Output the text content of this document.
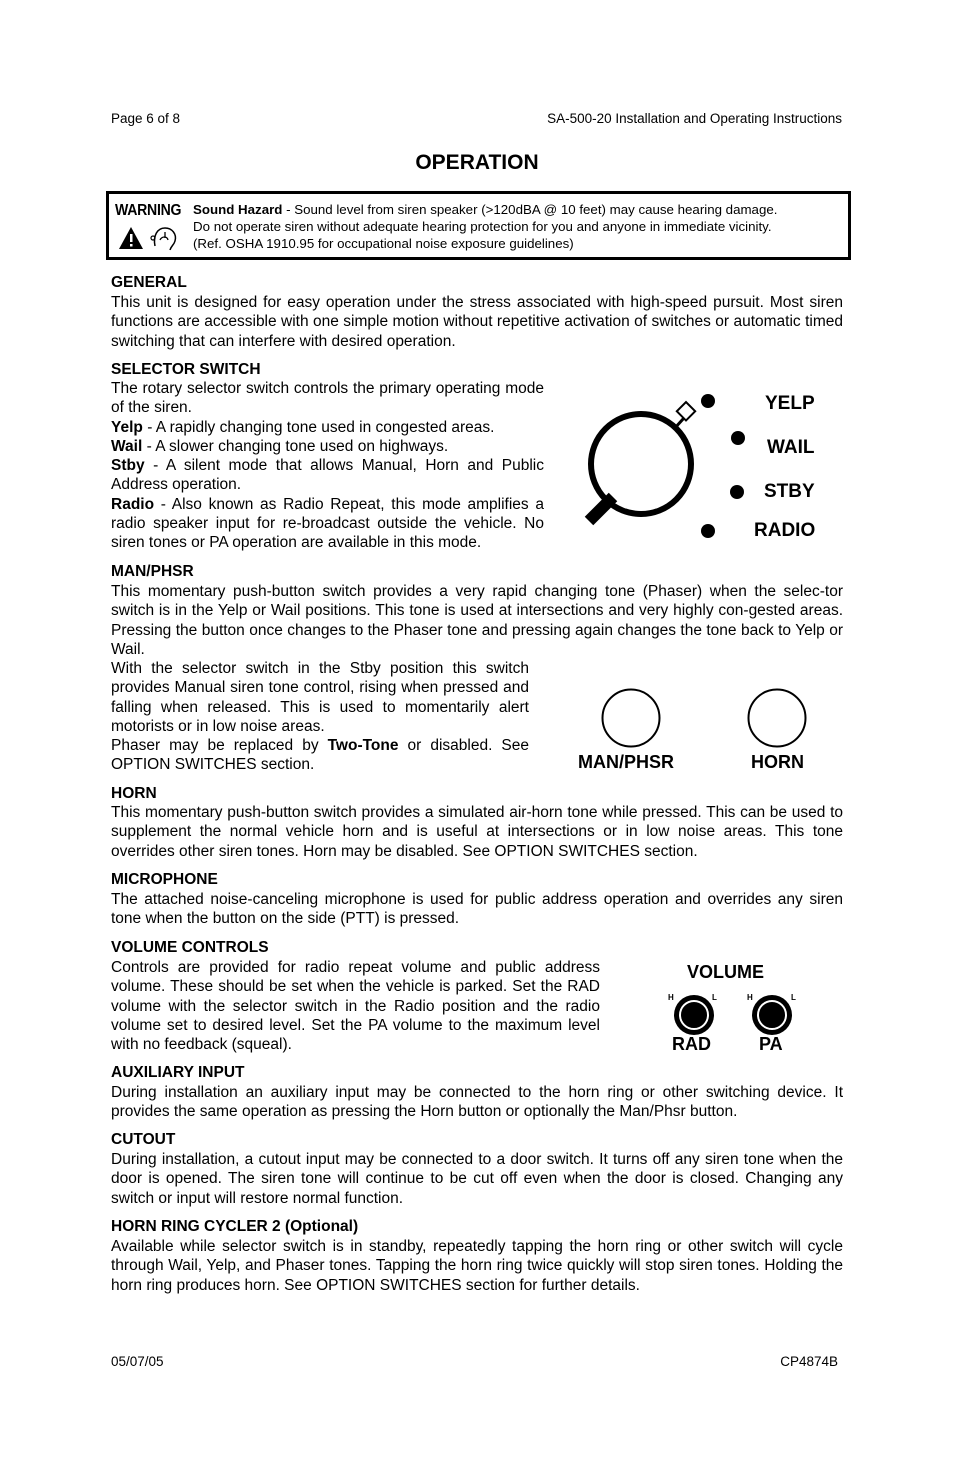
Page 6 of 8	SA-500-20 Installation and Operating Instructions
OPERATION
WARNING Sound Hazard - Sound level from siren speaker (>120dBA @ 10 feet) may cause hearing damage.
Do not operate siren without adequate hearing protection for you and anyone in immediate vicinity.
(Ref. OSHA 1910.95 for occupational noise exposure guidelines)
GENERAL
This unit is designed for easy operation under the stress associated with high-speed pursuit. Most siren functions are accessible with one simple motion without repetitive activation of switches or automatic timed switching that can interfere with desired operation.
SELECTOR SWITCH
The rotary selector switch controls the primary operating mode of the siren.
Yelp - A rapidly changing tone used in congested areas.
Wail - A slower changing tone used on highways.
Stby - A silent mode that allows Manual, Horn and Public Address operation.
Radio - Also known as Radio Repeat, this mode amplifies a radio speaker input for re-broadcast outside the vehicle. No siren tones or PA operation are available in this mode.
YELP
WAIL
STBY
RADIO
MAN/PHSR
This momentary push-button switch provides a very rapid changing tone (Phaser) when the selec-tor switch is in the Yelp or Wail positions. This tone is used at intersections and very highly con-gested areas. Pressing the button once changes to the Phaser tone and pressing again changes the tone back to Yelp or Wail.
With the selector switch in the Stby position this switch provides Manual siren tone control, rising when pressed and falling when released. This is used to momentarily alert motorists or in low noise areas.
Phaser may be replaced by Two-Tone or disabled. See OPTION SWITCHES section.	MAN/PHSR	HORN
HORN
This momentary push-button switch provides a simulated air-horn tone while pressed. This can be used to supplement the normal vehicle horn and is useful at intersections or in low noise areas. This tone overrides other siren tones. Horn may be disabled. See OPTION SWITCHES section.
MICROPHONE
The attached noise-canceling microphone is used for public address operation and overrides any siren tone when the button on the side (PTT) is pressed.
VOLUME CONTROLS
Controls are provided for radio repeat volume and public address volume. These should be set when the vehicle is parked. Set the RAD volume with the selector switch in the Radio position and the radio volume set to desired level. Set the PA volume to the maximum level with no feedback (squeal).
VOLUME
H	L	H	L
RAD	PA
AUXILIARY INPUT
During installation an auxiliary input may be connected to the horn ring or other switching device. It provides the same operation as pressing the Horn button or optionally the Man/Phsr button.
CUTOUT
During installation, a cutout input may be connected to a door switch. It turns off any siren tone when the door is opened. The siren tone will continue to be cut off even when the door is closed. Changing any switch or input will restore normal function.
HORN RING CYCLER 2 (Optional)
Available while selector switch is in standby, repeatedly tapping the horn ring or other switch will cycle through Wail, Yelp, and Phaser tones. Tapping the horn ring twice quickly will stop siren tones. Holding the horn ring produces horn. See OPTION SWITCHES section for further details.
05/07/05	CP4874B
